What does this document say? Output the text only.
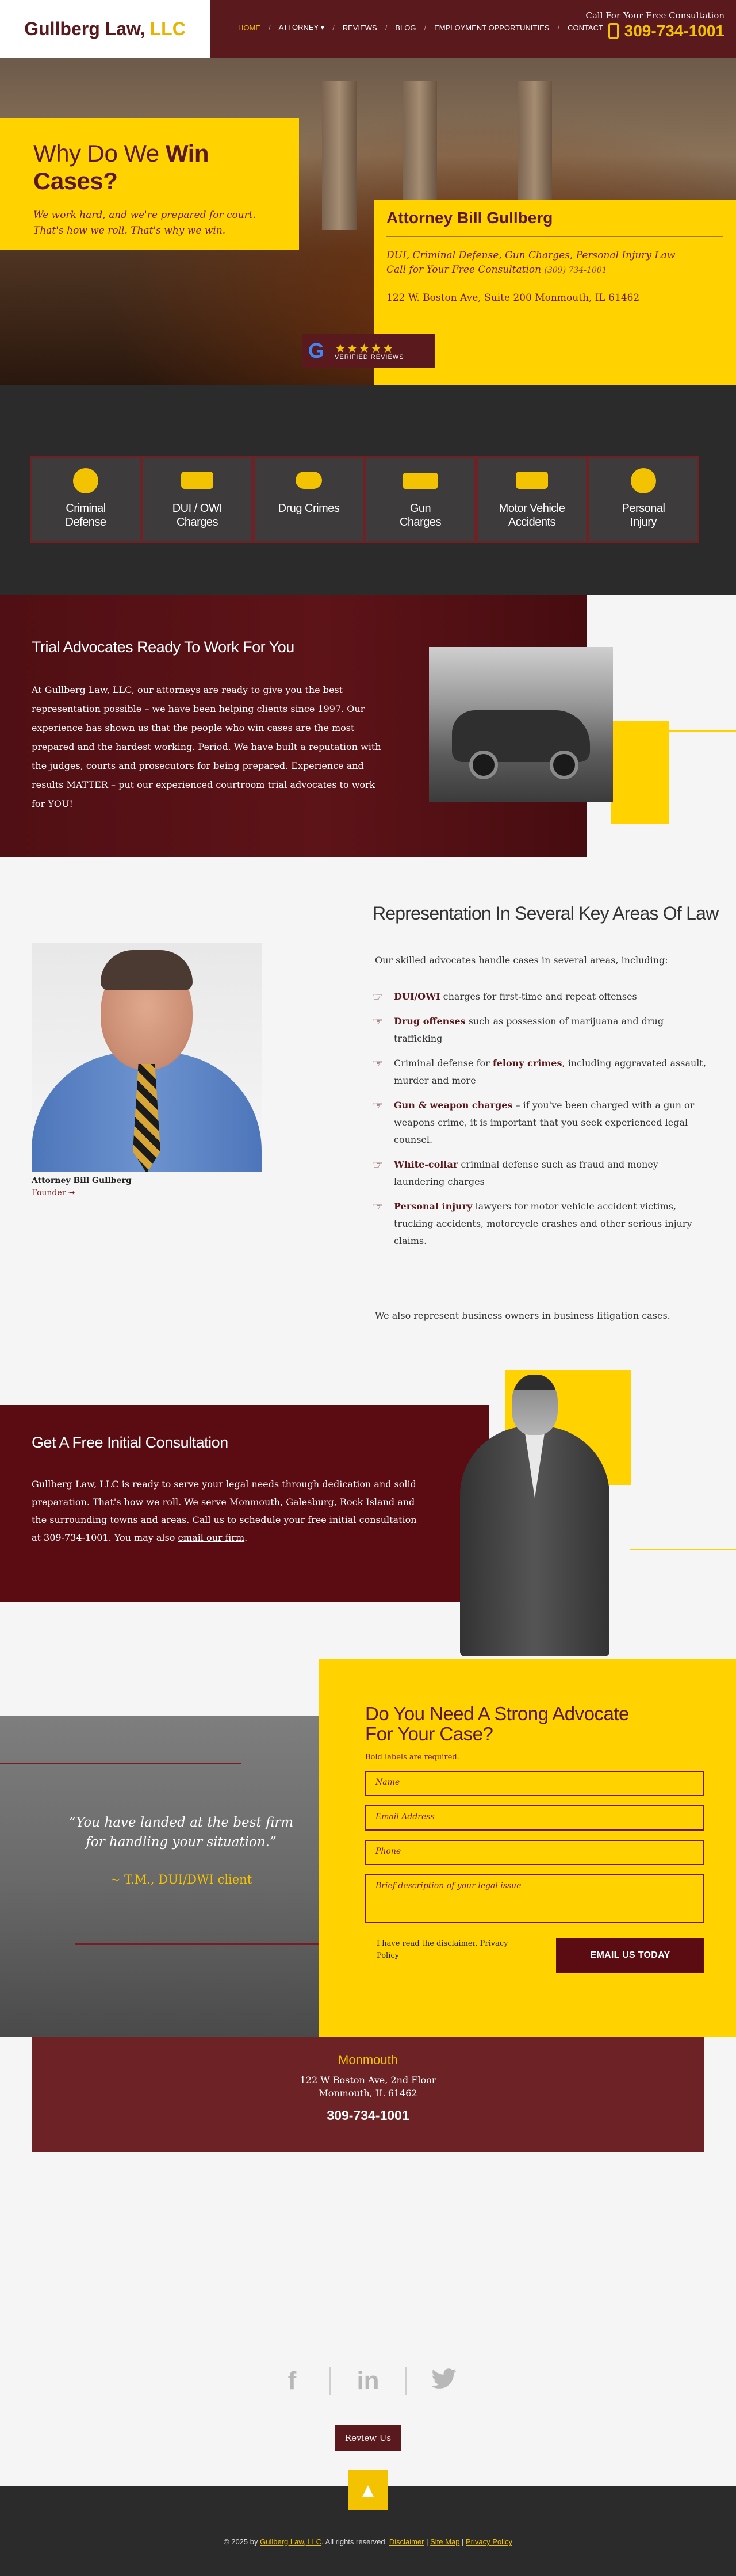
Gullberg Law, LLC	HOME	/	ATTORNEY ▾	/	REVIEWS	/	BLOG	/	EMPLOYMENT OPPORTUNITIES	/	CONTACT
Call For Your Free Consultation
309-734-1001
Why Do We Win Cases?

We work hard, and we're prepared for court.
That's how we roll. That's why we win.

Attorney Bill Gullberg
DUI, Criminal Defense, Gun Charges, Personal Injury Law
Call for Your Free Consultation (309) 734-1001
122 W. Boston Ave, Suite 200 Monmouth, IL 61462
G ★★★★★
VERIFIED REVIEWS
Criminal
Defense
DUI / OWI
Charges
Drug Crimes	Gun
Charges
Motor Vehicle
Accidents
Personal
Injury
Trial Advocates Ready To Work For You

At Gullberg Law, LLC, our attorneys are ready to give you the best representation possible – we have been helping clients since 1997. Our experience has shown us that the people who win cases are the most prepared and the hardest working. Period. We have built a reputation with the judges, courts and prosecutors for being prepared. Experience and results MATTER – put our experienced courtroom trial advocates to work for YOU!

Attorney Bill Gullberg
Founder ➟
Representation In Several Key Areas Of Law
Our skilled advocates handle cases in several areas, including:
☞ DUI/OWI charges for first-time and repeat offenses
☞ Drug offenses such as possession of marijuana and drug trafficking
☞ Criminal defense for felony crimes, including aggravated assault, murder and more
☞ Gun & weapon charges – if you've been charged with a gun or weapons crime, it is important that you seek experienced legal counsel.
☞ White-collar criminal defense such as fraud and money laundering charges
☞ Personal injury lawyers for motor vehicle accident victims, trucking accidents, motorcycle crashes and other serious injury claims.
We also represent business owners in business litigation cases.
Get A Free Initial Consultation

Gullberg Law, LLC is ready to serve your legal needs through dedication and solid preparation. That's how we roll. We serve Monmouth, Galesburg, Rock Island and the surrounding towns and areas. Call us to schedule your free initial consultation at 309-734-1001. You may also email our firm.

“You have landed at the best firm for handling your situation.”
~ T.M., DUI/DWI client
Do You Need A Strong Advocate For Your Case?
Bold labels are required.
Name
Email Address
Phone
Brief description of your legal issue
I have read the disclaimer. Privacy Policy	EMAIL US TODAY
Monmouth
122 W Boston Ave, 2nd Floor
Monmouth, IL 61462
309-734-1001
f	in
Review Us
▲
© 2025 by Gullberg Law, LLC. All rights reserved. Disclaimer | Site Map | Privacy Policy
